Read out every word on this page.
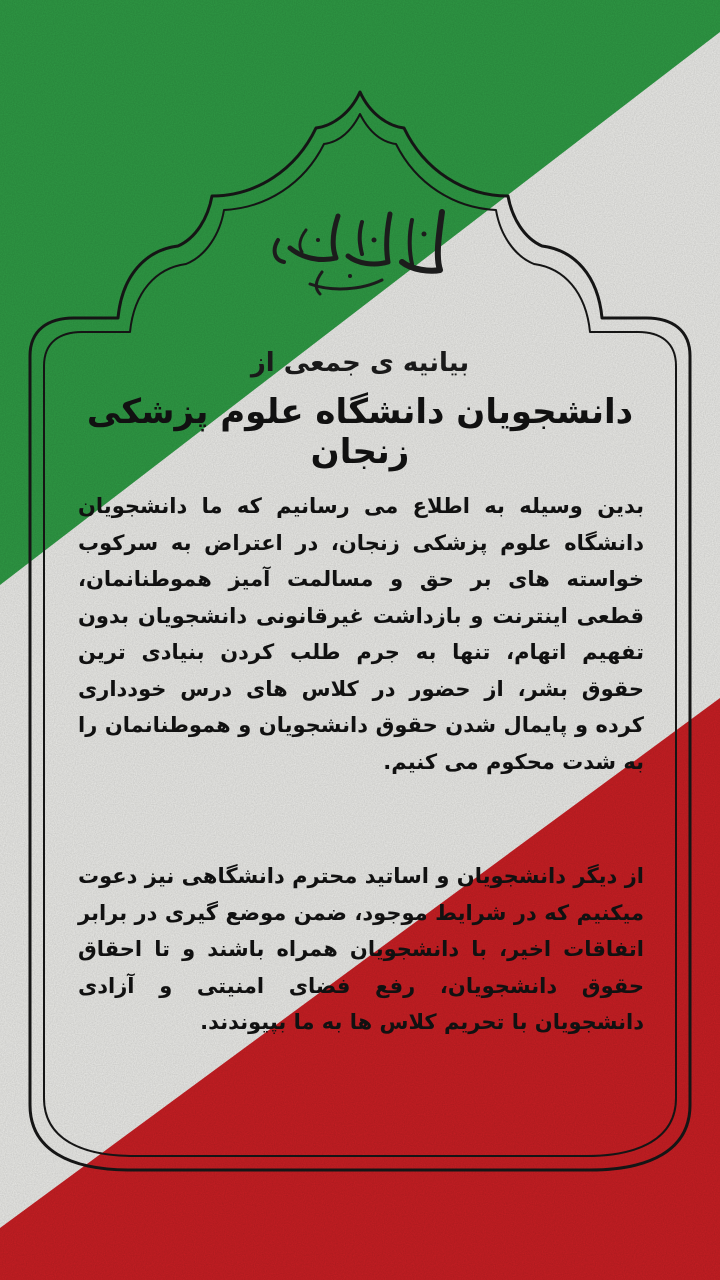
بیانیه ی جمعی از
دانشجویان دانشگاه علوم پزشکی زنجان
بدین وسیله به اطلاع می رسانیم که ما دانشجویان دانشگاه علوم پزشکی زنجان، در اعتراض به سرکوب خواسته های بر حق و مسالمت آمیز هموطنانمان، قطعی اینترنت و بازداشت غیرقانونی دانشجویان بدون تفهیم اتهام، تنها به جرم طلب کردن بنیادی ترین حقوق بشر، از حضور در کلاس های درس خودداری کرده و پایمال شدن حقوق دانشجویان و هموطنانمان را به شدت محکوم می کنیم.
از دیگر دانشجویان و اساتید محترم دانشگاهی نیز دعوت میکنیم که در شرایط موجود، ضمن موضع گیری در برابر اتفاقات اخیر، با دانشجویان همراه باشند و تا احقاق حقوق دانشجویان، رفع فضای امنیتی و آزادی دانشجویان با تحریم کلاس ها به ما بپیوندند.
